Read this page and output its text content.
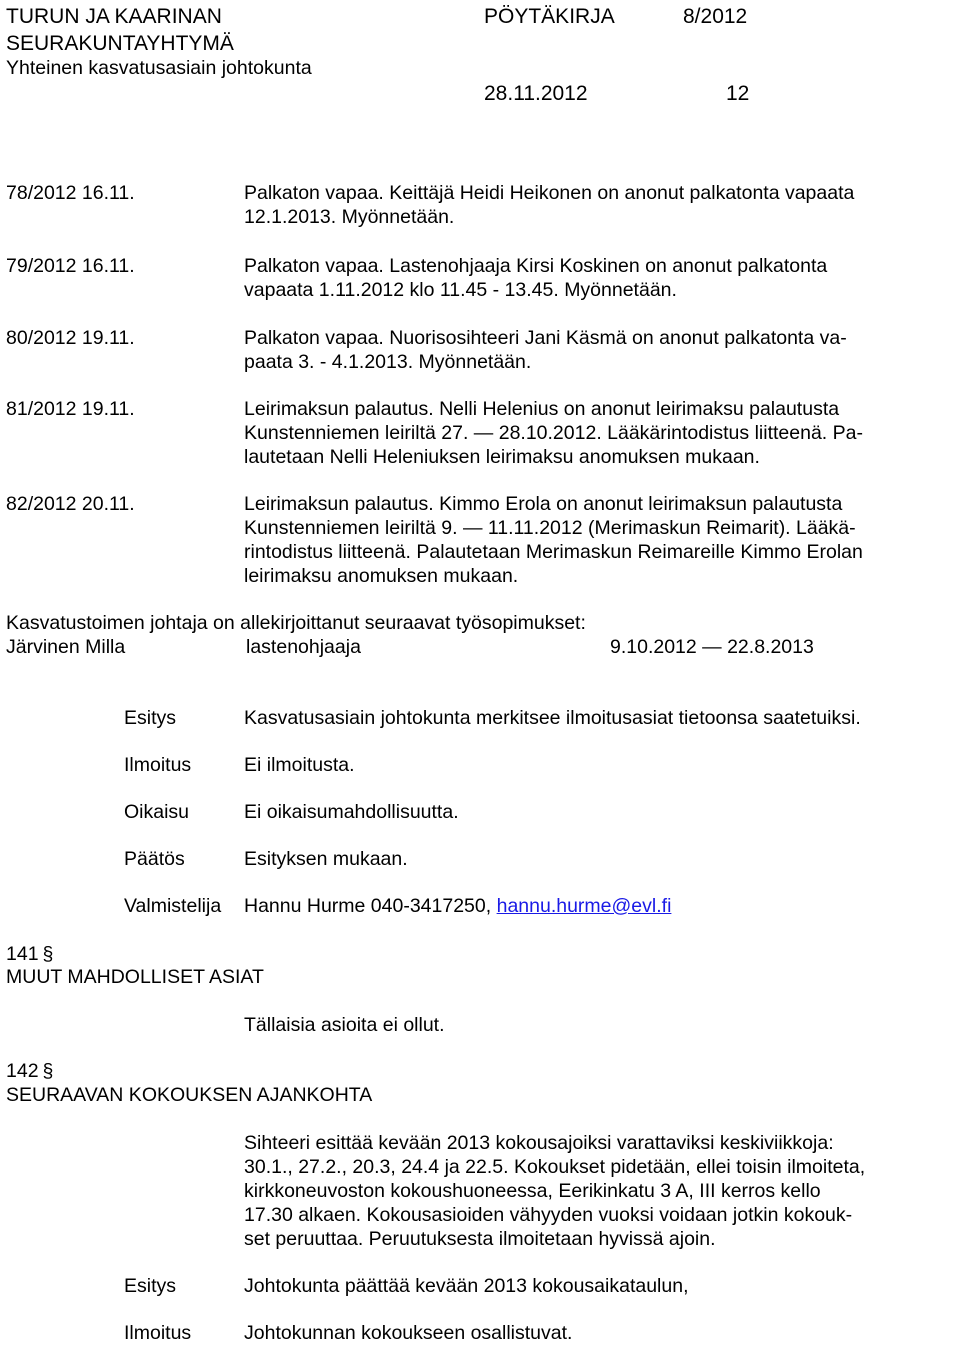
TURUN JA KAARINAN
SEURAKUNTAYHTYMÄ
Yhteinen kasvatusasiain johtokunta
PÖYTÄKIRJA	8/2012
28.11.2012	12
78/2012 16.11.	Palkaton vapaa. Keittäjä Heidi Heikonen on anonut palkatonta vapaata
12.1.2013. Myönnetään.
79/2012 16.11.	Palkaton vapaa. Lastenohjaaja Kirsi Koskinen on anonut palkatonta
vapaata 1.11.2012 klo 11.45 - 13.45. Myönnetään.
80/2012 19.11.	Palkaton vapaa. Nuorisosihteeri Jani Käsmä on anonut palkatonta va-
paata 3. - 4.1.2013. Myönnetään.
81/2012 19.11.	Leirimaksun palautus. Nelli Helenius on anonut leirimaksu palautusta
Kunstenniemen leiriltä 27. — 28.10.2012. Lääkärintodistus liitteenä. Pa-
lautetaan Nelli Heleniuksen leirimaksu anomuksen mukaan.
82/2012 20.11.	Leirimaksun palautus. Kimmo Erola on anonut leirimaksun palautusta
Kunstenniemen leiriltä 9. — 11.11.2012 (Merimaskun Reimarit). Lääkä-
rintodistus liitteenä. Palautetaan Merimaskun Reimareille Kimmo Erolan
leirimaksu anomuksen mukaan.
Kasvatustoimen johtaja on allekirjoittanut seuraavat työsopimukset:
Järvinen Milla	lastenohjaaja	9.10.2012 — 22.8.2013
Esitys	Kasvatusasiain johtokunta merkitsee ilmoitusasiat tietoonsa saatetuiksi.
Ilmoitus	Ei ilmoitusta.
Oikaisu	Ei oikaisumahdollisuutta.
Päätös	Esityksen mukaan.
Valmistelija Hannu Hurme 040-3417250, hannu.hurme@evl.fi
141 §
MUUT MAHDOLLISET ASIAT
Tällaisia asioita ei ollut.
142 §
SEURAAVAN KOKOUKSEN AJANKOHTA
Sihteeri esittää kevään 2013 kokousajoiksi varattaviksi keskiviikkoja:
30.1., 27.2., 20.3, 24.4 ja 22.5. Kokoukset pidetään, ellei toisin ilmoiteta,
kirkkoneuvoston kokoushuoneessa, Eerikinkatu 3 A, III kerros kello
17.30 alkaen. Kokousasioiden vähyyden vuoksi voidaan jotkin kokouk-
set peruuttaa. Peruutuksesta ilmoitetaan hyvissä ajoin.
Esitys	Johtokunta päättää kevään 2013 kokousaikataulun,
Ilmoitus	Johtokunnan kokoukseen osallistuvat.
